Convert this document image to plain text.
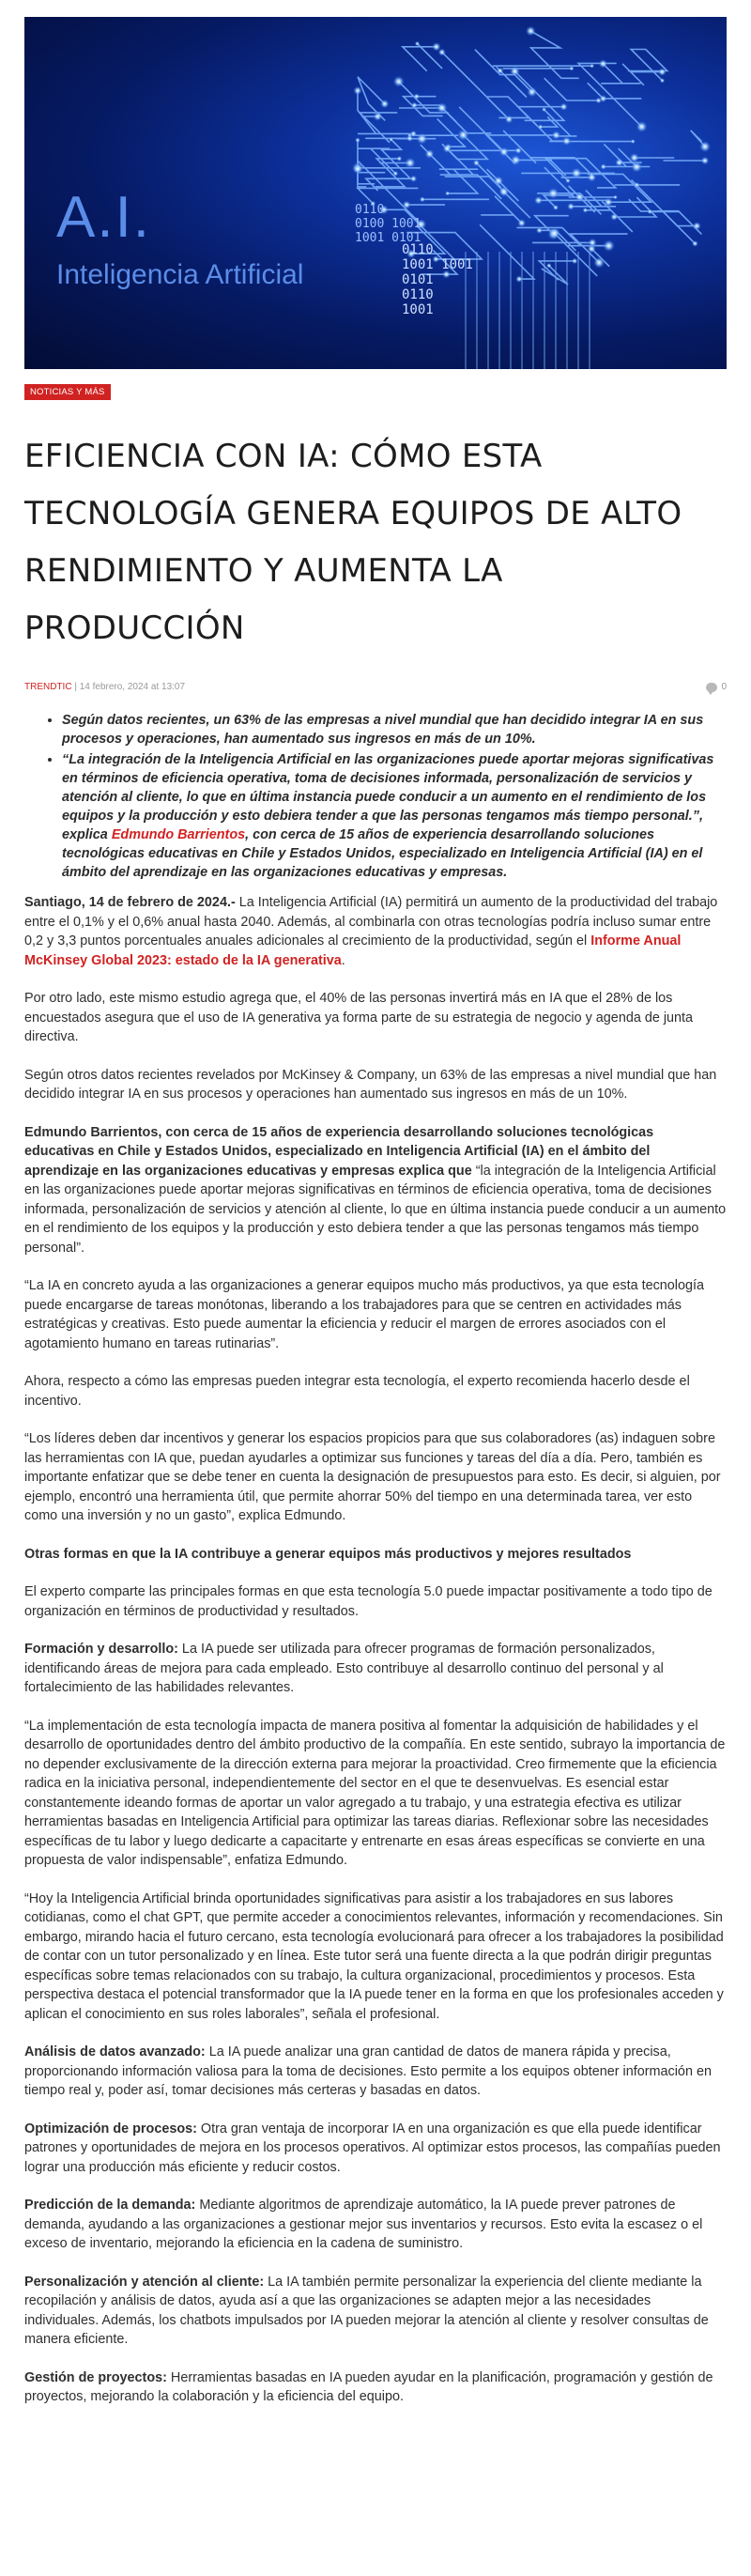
A.I.
Inteligencia Artificial
0110
0100 1001
1001 0101
0110
1001 1001
0101
0110
1001
NOTICIAS Y MÁS
EFICIENCIA CON IA: CÓMO ESTA
TECNOLOGÍA GENERA EQUIPOS DE ALTO
RENDIMIENTO Y AUMENTA LA
PRODUCCIÓN
TRENDTIC | 14 febrero, 2024 at 13:07	0
• Según datos recientes, un 63% de las empresas a nivel mundial que han decidido integrar IA en sus procesos y operaciones, han aumentado sus ingresos en más de un 10%.
• “La integración de la Inteligencia Artificial en las organizaciones puede aportar mejoras significativas en términos de eficiencia operativa, toma de decisiones informada, personalización de servicios y atención al cliente, lo que en última instancia puede conducir a un aumento en el rendimiento de los equipos y la producción y esto debiera tender a que las personas tengamos más tiempo personal.”, explica Edmundo Barrientos, con cerca de 15 años de experiencia desarrollando soluciones tecnológicas educativas en Chile y Estados Unidos, especializado en Inteligencia Artificial (IA) en el ámbito del aprendizaje en las organizaciones educativas y empresas.

Santiago, 14 de febrero de 2024.- La Inteligencia Artificial (IA) permitirá un aumento de la productividad del trabajo entre el 0,1% y el 0,6% anual hasta 2040. Además, al combinarla con otras tecnologías podría incluso sumar entre 0,2 y 3,3 puntos porcentuales anuales adicionales al crecimiento de la productividad, según el Informe Anual McKinsey Global 2023: estado de la IA generativa.

Por otro lado, este mismo estudio agrega que, el 40% de las personas invertirá más en IA que el 28% de los encuestados asegura que el uso de IA generativa ya forma parte de su estrategia de negocio y agenda de junta directiva.

Según otros datos recientes revelados por McKinsey & Company, un 63% de las empresas a nivel mundial que han decidido integrar IA en sus procesos y operaciones han aumentado sus ingresos en más de un 10%.

Edmundo Barrientos, con cerca de 15 años de experiencia desarrollando soluciones tecnológicas educativas en Chile y Estados Unidos, especializado en Inteligencia Artificial (IA) en el ámbito del aprendizaje en las organizaciones educativas y empresas explica que “la integración de la Inteligencia Artificial en las organizaciones puede aportar mejoras significativas en términos de eficiencia operativa, toma de decisiones informada, personalización de servicios y atención al cliente, lo que en última instancia puede conducir a un aumento en el rendimiento de los equipos y la producción y esto debiera tender a que las personas tengamos más tiempo personal”.

“La IA en concreto ayuda a las organizaciones a generar equipos mucho más productivos, ya que esta tecnología puede encargarse de tareas monótonas, liberando a los trabajadores para que se centren en actividades más estratégicas y creativas. Esto puede aumentar la eficiencia y reducir el margen de errores asociados con el agotamiento humano en tareas rutinarias”.

Ahora, respecto a cómo las empresas pueden integrar esta tecnología, el experto recomienda hacerlo desde el incentivo.

“Los líderes deben dar incentivos y generar los espacios propicios para que sus colaboradores (as) indaguen sobre las herramientas con IA que, puedan ayudarles a optimizar sus funciones y tareas del día a día. Pero, también es importante enfatizar que se debe tener en cuenta la designación de presupuestos para esto. Es decir, si alguien, por ejemplo, encontró una herramienta útil, que permite ahorrar 50% del tiempo en una determinada tarea, ver esto como una inversión y no un gasto”, explica Edmundo.

Otras formas en que la IA contribuye a generar equipos más productivos y mejores resultados

El experto comparte las principales formas en que esta tecnología 5.0 puede impactar positivamente a todo tipo de organización en términos de productividad y resultados.

Formación y desarrollo: La IA puede ser utilizada para ofrecer programas de formación personalizados, identificando áreas de mejora para cada empleado. Esto contribuye al desarrollo continuo del personal y al fortalecimiento de las habilidades relevantes.

“La implementación de esta tecnología impacta de manera positiva al fomentar la adquisición de habilidades y el desarrollo de oportunidades dentro del ámbito productivo de la compañía. En este sentido, subrayo la importancia de no depender exclusivamente de la dirección externa para mejorar la proactividad. Creo firmemente que la eficiencia radica en la iniciativa personal, independientemente del sector en el que te desenvuelvas. Es esencial estar constantemente ideando formas de aportar un valor agregado a tu trabajo, y una estrategia efectiva es utilizar herramientas basadas en Inteligencia Artificial para optimizar las tareas diarias. Reflexionar sobre las necesidades específicas de tu labor y luego dedicarte a capacitarte y entrenarte en esas áreas específicas se convierte en una propuesta de valor indispensable”, enfatiza Edmundo.

“Hoy la Inteligencia Artificial brinda oportunidades significativas para asistir a los trabajadores en sus labores cotidianas, como el chat GPT, que permite acceder a conocimientos relevantes, información y recomendaciones. Sin embargo, mirando hacia el futuro cercano, esta tecnología evolucionará para ofrecer a los trabajadores la posibilidad de contar con un tutor personalizado y en línea. Este tutor será una fuente directa a la que podrán dirigir preguntas específicas sobre temas relacionados con su trabajo, la cultura organizacional, procedimientos y procesos. Esta perspectiva destaca el potencial transformador que la IA puede tener en la forma en que los profesionales acceden y aplican el conocimiento en sus roles laborales”, señala el profesional.

Análisis de datos avanzado: La IA puede analizar una gran cantidad de datos de manera rápida y precisa, proporcionando información valiosa para la toma de decisiones. Esto permite a los equipos obtener información en tiempo real y, poder así, tomar decisiones más certeras y basadas en datos.

Optimización de procesos: Otra gran ventaja de incorporar IA en una organización es que ella puede identificar patrones y oportunidades de mejora en los procesos operativos. Al optimizar estos procesos, las compañías pueden lograr una producción más eficiente y reducir costos.

Predicción de la demanda: Mediante algoritmos de aprendizaje automático, la IA puede prever patrones de demanda, ayudando a las organizaciones a gestionar mejor sus inventarios y recursos. Esto evita la escasez o el exceso de inventario, mejorando la eficiencia en la cadena de suministro.

Personalización y atención al cliente: La IA también permite personalizar la experiencia del cliente mediante la recopilación y análisis de datos, ayuda así a que las organizaciones se adapten mejor a las necesidades individuales. Además, los chatbots impulsados por IA pueden mejorar la atención al cliente y resolver consultas de manera eficiente.

Gestión de proyectos: Herramientas basadas en IA pueden ayudar en la planificación, programación y gestión de proyectos, mejorando la colaboración y la eficiencia del equipo.
